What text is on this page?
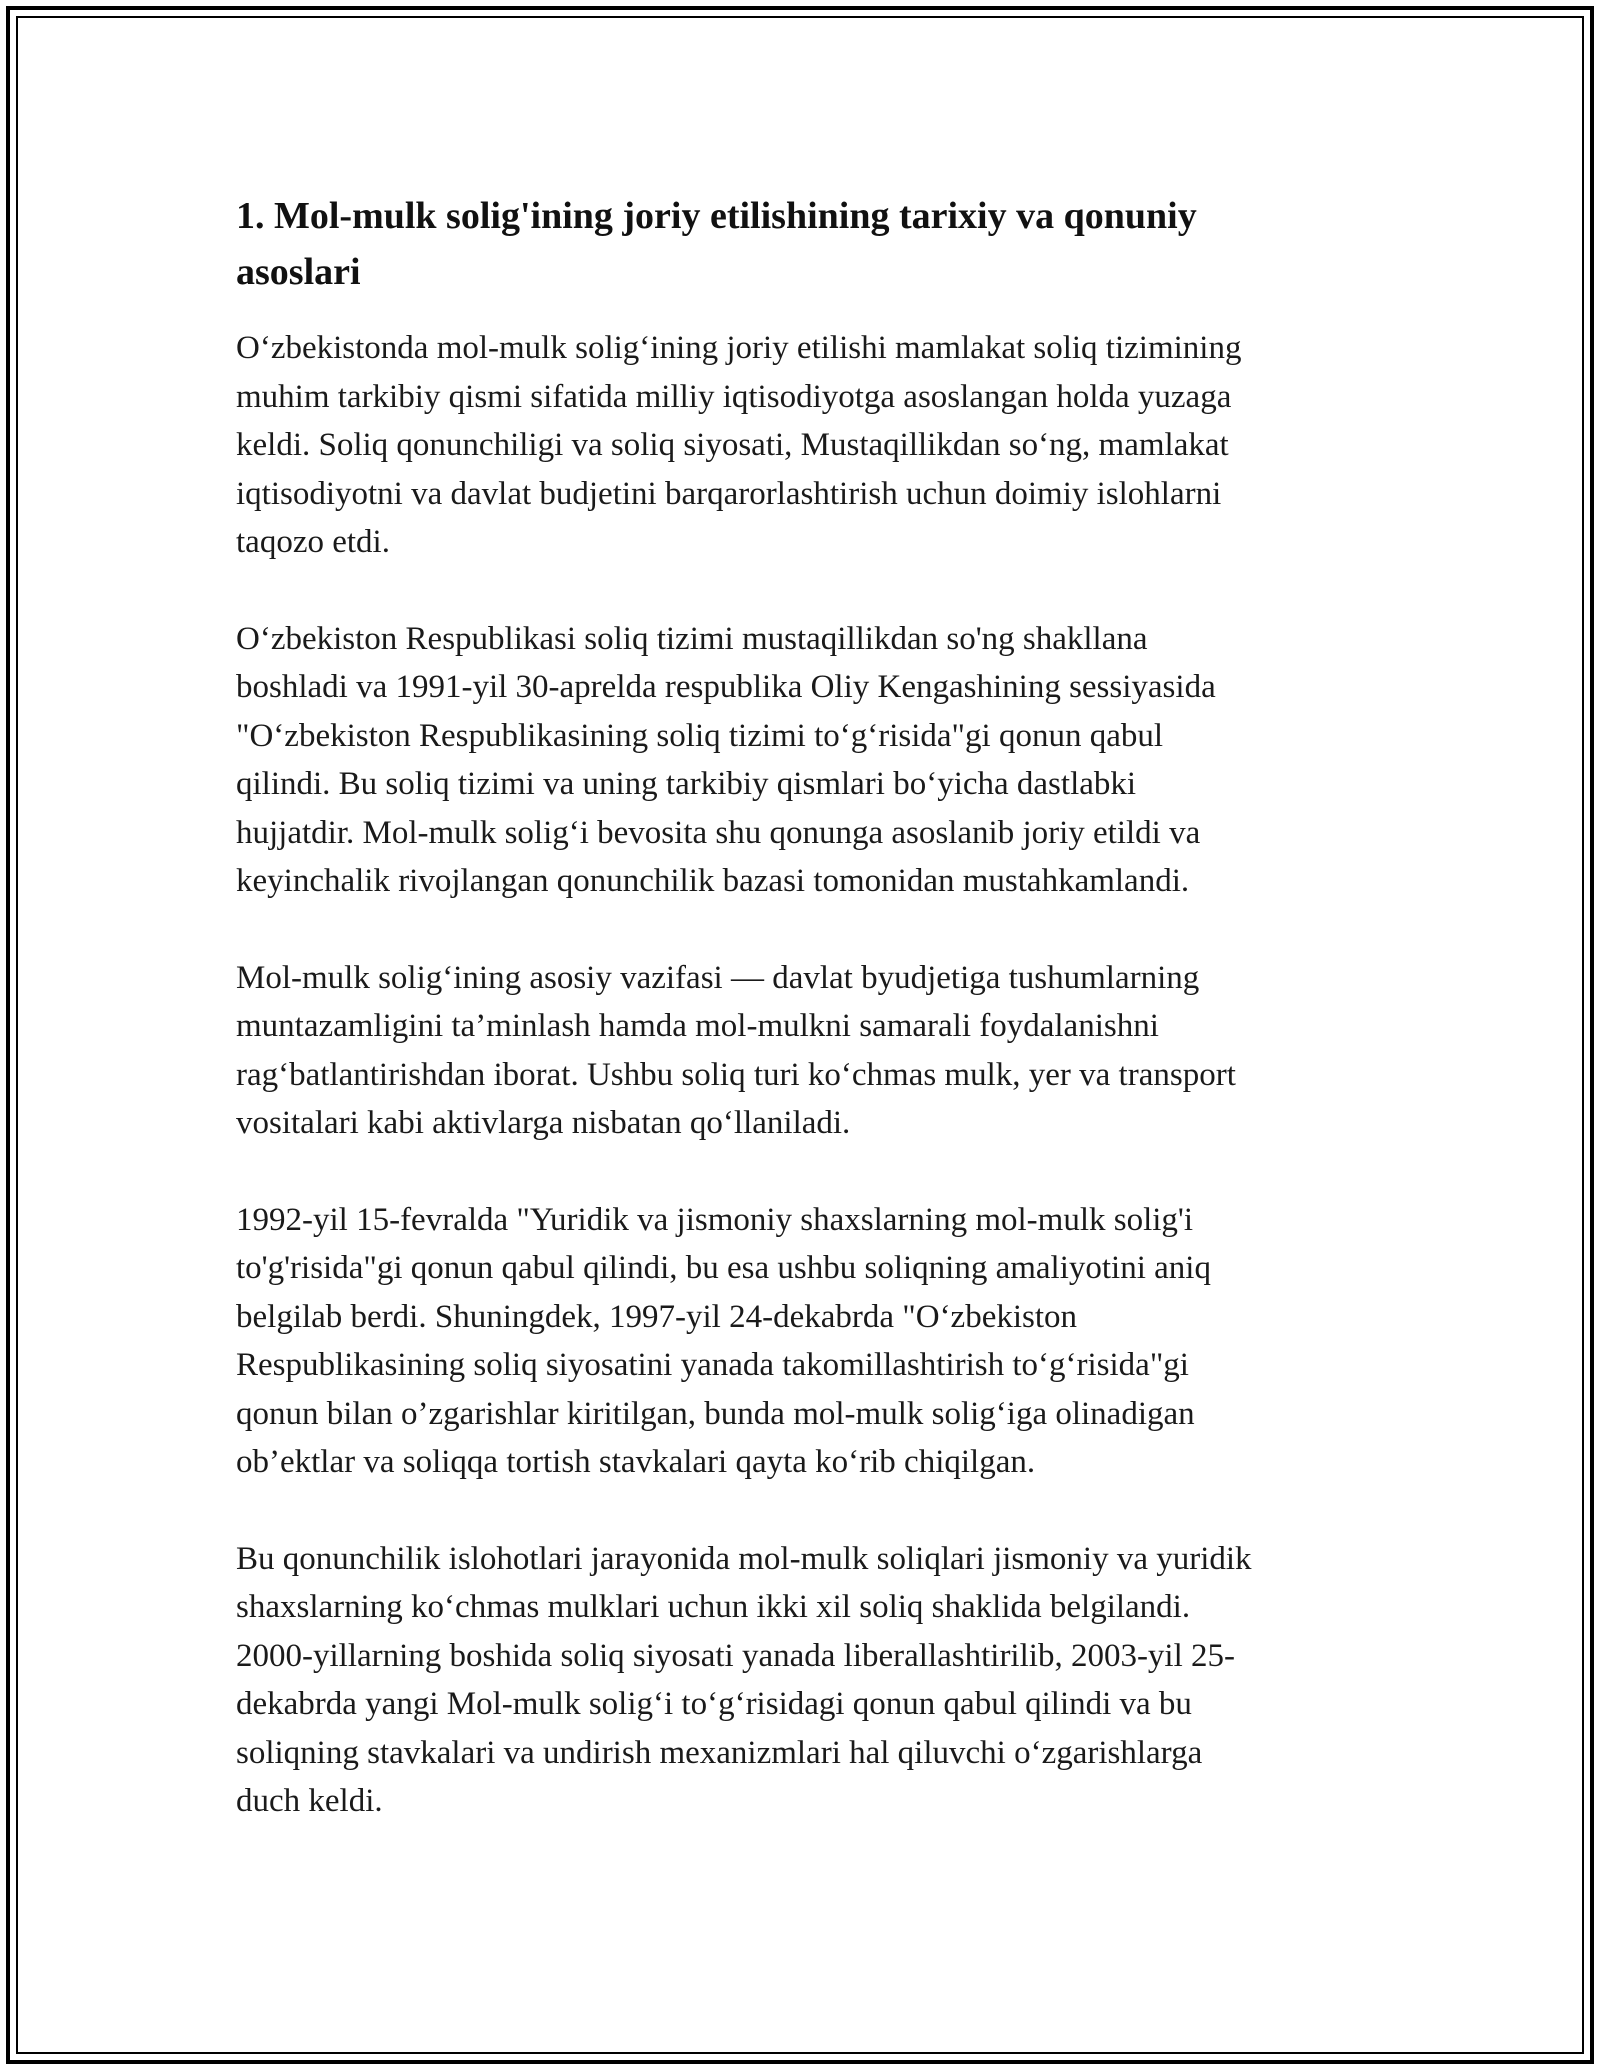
1. Mol-mulk solig'ining joriy etilishining tarixiy va qonuniy
asoslari

O‘zbekistonda mol-mulk solig‘ining joriy etilishi mamlakat soliq tizimining
muhim tarkibiy qismi sifatida milliy iqtisodiyotga asoslangan holda yuzaga
keldi. Soliq qonunchiligi va soliq siyosati, Mustaqillikdan so‘ng, mamlakat
iqtisodiyotni va davlat budjetini barqarorlashtirish uchun doimiy islohlarni
taqozo etdi.

O‘zbekiston Respublikasi soliq tizimi mustaqillikdan so'ng shakllana
boshladi va 1991-yil 30-aprelda respublika Oliy Kengashining sessiyasida
"O‘zbekiston Respublikasining soliq tizimi to‘g‘risida"gi qonun qabul
qilindi. Bu soliq tizimi va uning tarkibiy qismlari bo‘yicha dastlabki
hujjatdir. Mol-mulk solig‘i bevosita shu qonunga asoslanib joriy etildi va
keyinchalik rivojlangan qonunchilik bazasi tomonidan mustahkamlandi.

Mol-mulk solig‘ining asosiy vazifasi — davlat byudjetiga tushumlarning
muntazamligini ta’minlash hamda mol-mulkni samarali foydalanishni
rag‘batlantirishdan iborat. Ushbu soliq turi ko‘chmas mulk, yer va transport
vositalari kabi aktivlarga nisbatan qo‘llaniladi.

1992-yil 15-fevralda "Yuridik va jismoniy shaxslarning mol-mulk solig'i
to'g'risida"gi qonun qabul qilindi, bu esa ushbu soliqning amaliyotini aniq
belgilab berdi. Shuningdek, 1997-yil 24-dekabrda "O‘zbekiston
Respublikasining soliq siyosatini yanada takomillashtirish to‘g‘risida"gi
qonun bilan o’zgarishlar kiritilgan, bunda mol-mulk solig‘iga olinadigan
ob’ektlar va soliqqa tortish stavkalari qayta ko‘rib chiqilgan.

Bu qonunchilik islohotlari jarayonida mol-mulk soliqlari jismoniy va yuridik
shaxslarning ko‘chmas mulklari uchun ikki xil soliq shaklida belgilandi.
2000-yillarning boshida soliq siyosati yanada liberallashtirilib, 2003-yil 25-
dekabrda yangi Mol-mulk solig‘i to‘g‘risidagi qonun qabul qilindi va bu
soliqning stavkalari va undirish mexanizmlari hal qiluvchi o‘zgarishlarga
duch keldi.
